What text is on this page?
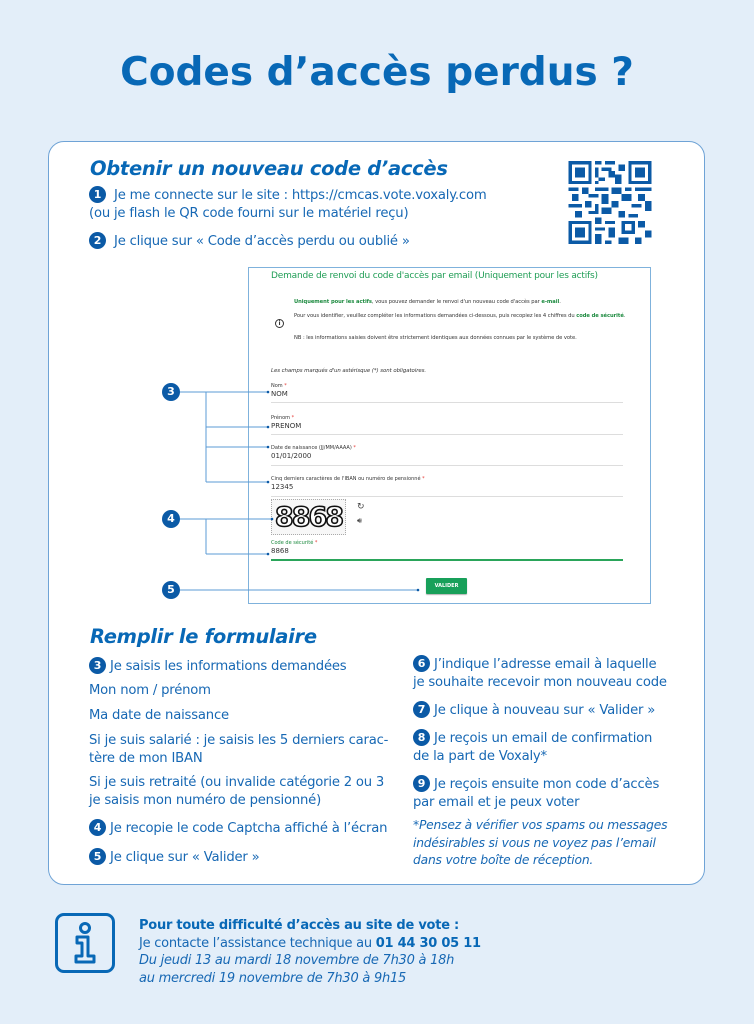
Codes d’accès perdus ?
Obtenir un nouveau code d’accès
1 Je me connecte sur le site : https:∕∕cmcas.vote.voxaly.com
(ou je flash le QR code fourni sur le matériel reçu)
2 Je clique sur « Code d’accès perdu ou oublié »
Demande de renvoi du code d'accès par email (Uniquement pour les actifs)
Uniquement pour les actifs, vous pouvez demander le renvoi d'un nouveau code d'accès par e-mail.
i
Pour vous identifier, veuillez compléter les informations demandées ci-dessous, puis recopiez les 4 chiffres du code de sécurité.
NB : les informations saisies doivent être strictement identiques aux données connues par le système de vote.
Les champs marqués d'un astérisque (*) sont obligatoires.
Nom *
NOM
Prénom *
PRENOM
Date de naissance (JJ/MM/AAAA) *
01/01/2000
Cinq derniers caractères de l'IBAN ou numéro de pensionné *
12345
8868	↻
🔊︎
Code de sécurité *
8868
VALIDER
3
4
5
Remplir le formulaire
3 Je saisis les informations demandées
Mon nom / prénom
Ma date de naissance
Si je suis salarié : je saisis les 5 derniers carac-
tère de mon IBAN
Si je suis retraité (ou invalide catégorie 2 ou 3
je saisis mon numéro de pensionné)
4 Je recopie le code Captcha affiché à l’écran
5 Je clique sur « Valider »
6 J’indique l’adresse email à laquelle
je souhaite recevoir mon nouveau code
7 Je clique à nouveau sur « Valider »
8 Je reçois un email de confirmation
de la part de Voxaly*
9 Je reçois ensuite mon code d’accès
par email et je peux voter
*Pensez à vérifier vos spams ou messages
indésirables si vous ne voyez pas l’email
dans votre boîte de réception.
Pour toute difficulté d’accès au site de vote :
Je contacte l’assistance technique au 01 44 30 05 11
Du jeudi 13 au mardi 18 novembre de 7h30 à 18h
au mercredi 19 novembre de 7h30 à 9h15
